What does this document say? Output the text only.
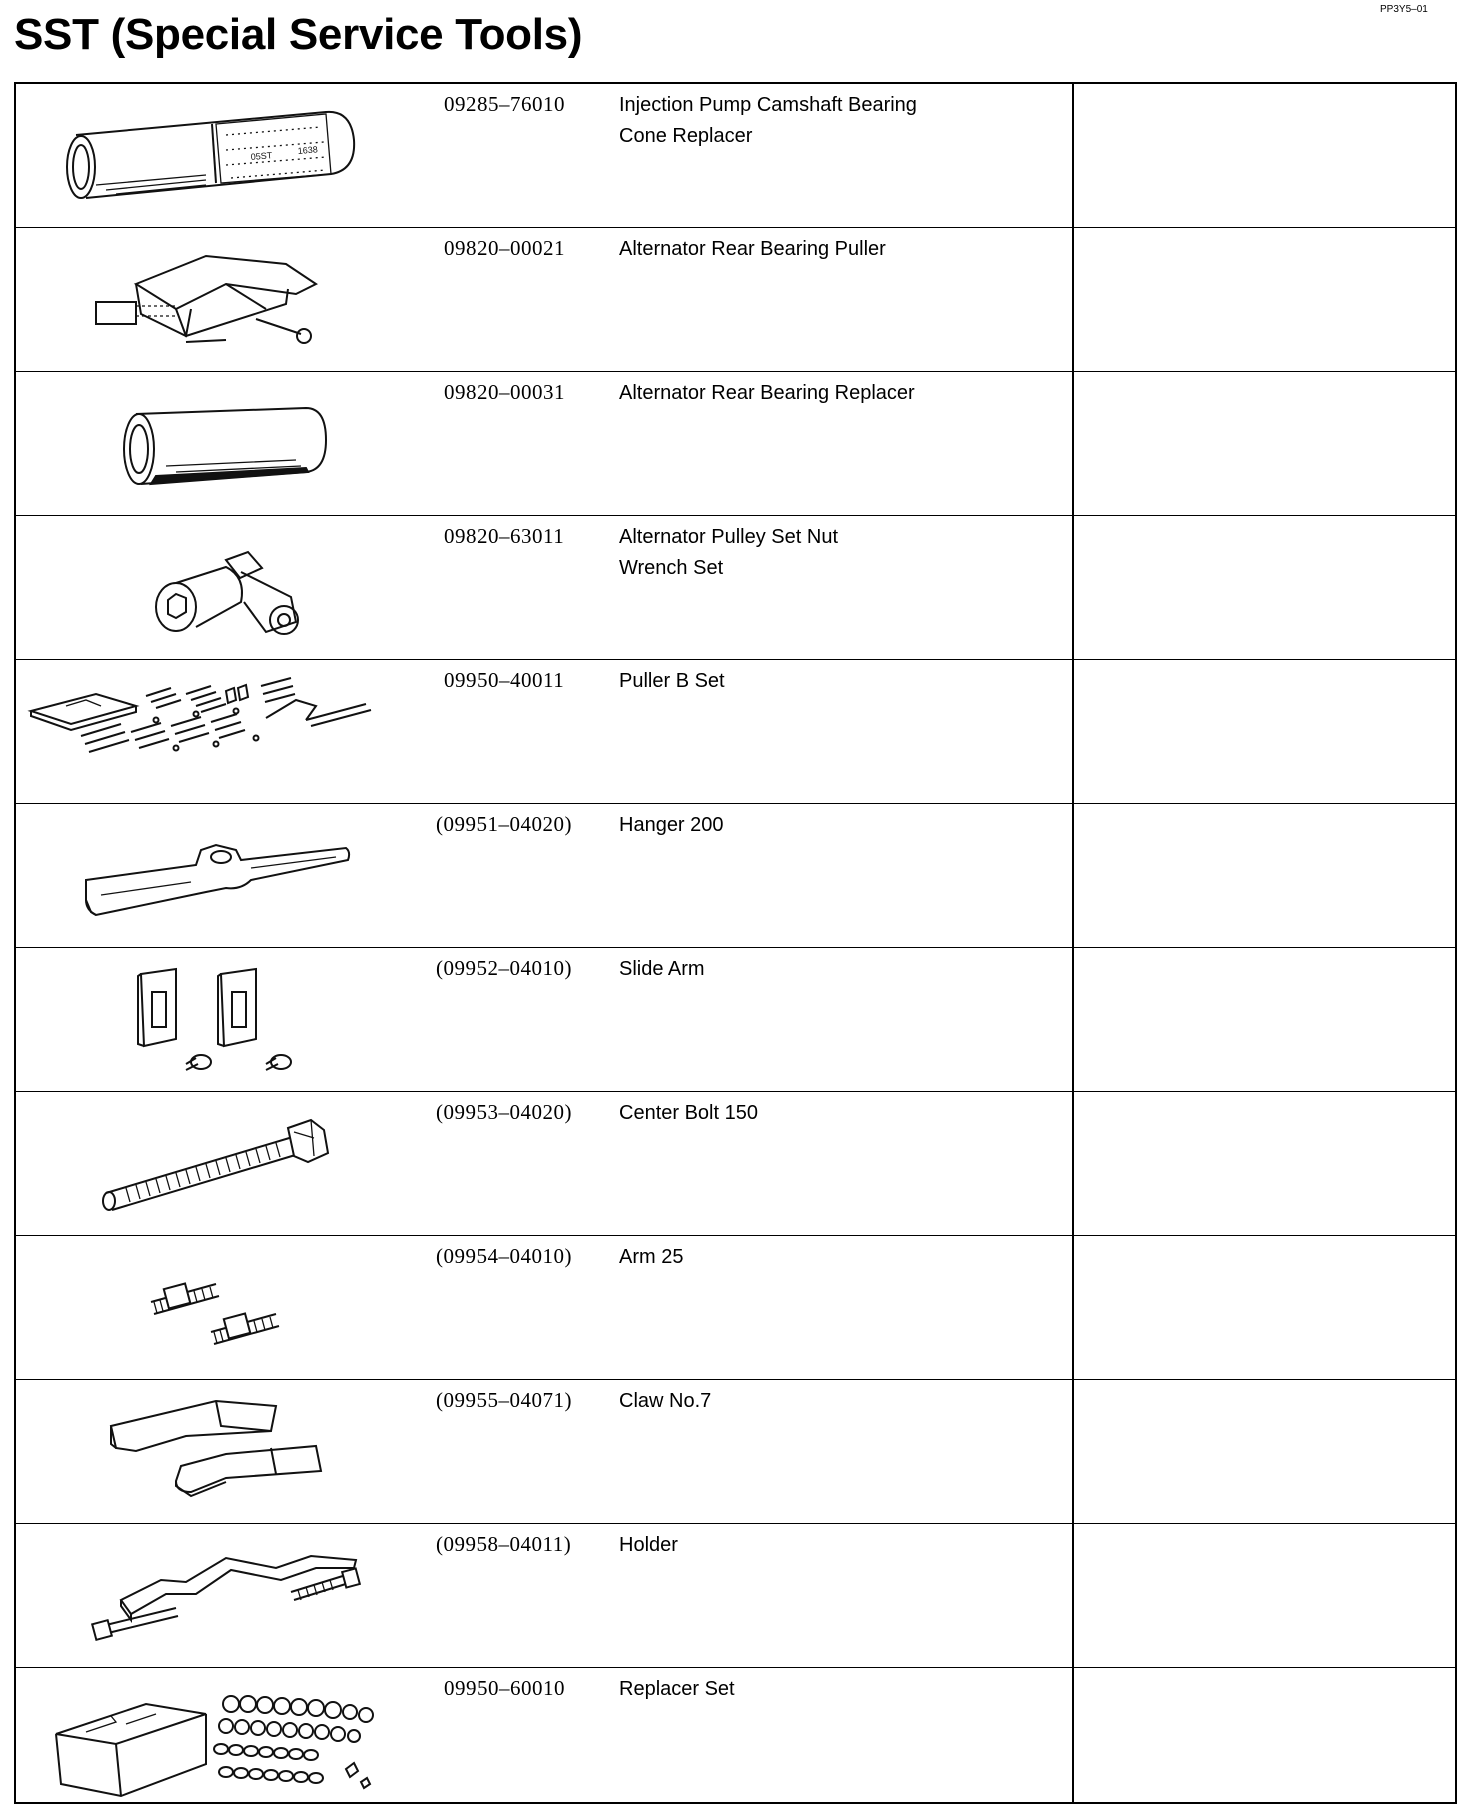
PP3Y5–01
SST (Special Service Tools)
05ST
1638
09285–76010	Injection Pump Camshaft Bearing
Cone Replacer
09820–00021	Alternator Rear Bearing Puller
09820–00031	Alternator Rear Bearing Replacer
09820–63011	Alternator Pulley Set Nut
Wrench Set
09950–40011	Puller B Set
(09951–04020) Hanger 200
(09952–04010) Slide Arm
(09953–04020) Center Bolt 150
(09954–04010) Arm 25
(09955–04071) Claw No.7
(09958–04011) Holder
09950–60010	Replacer Set
